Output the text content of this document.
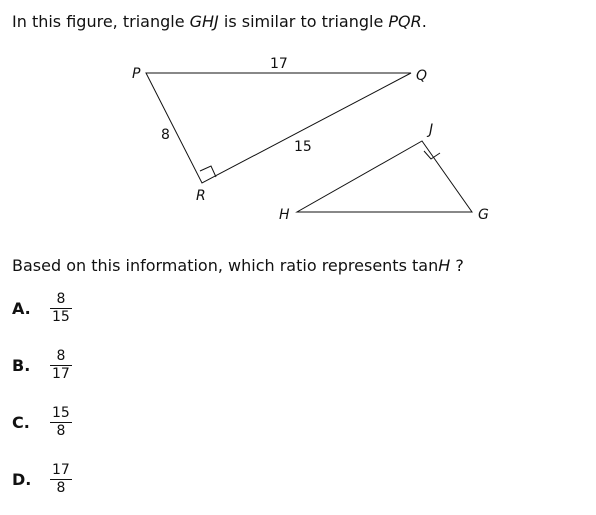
In this figure, triangle GHJ is similar to triangle PQR.
P	Q
R
H	G
J
17
8
15
Based on this information, which ratio represents tanH ?
A.	$\frac{8}{15}$
B.	$\frac{8}{17}$
C.	$\frac{15}{8}$
D.	$\frac{17}{8}$
